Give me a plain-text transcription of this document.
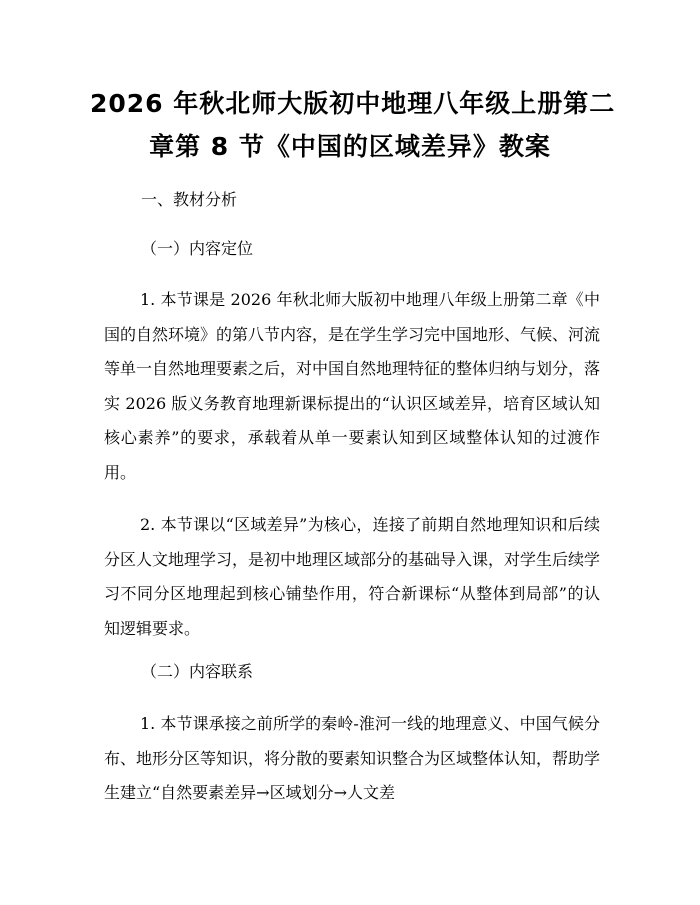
2026 年秋北师大版初中地理八年级上册第二
章第 8 节《中国的区域差异》教案
一、教材分析
（一）内容定位

1. 本节课是 2026 年秋北师大版初中地理八年级上册第二章《中国的自然环境》的第八节内容，是在学生学习完中国地形、气候、河流等单一自然地理要素之后，对中国自然地理特征的整体归纳与划分，落实 2026 版义务教育地理新课标提出的“认识区域差异，培育区域认知核心素养”的要求，承载着从单一要素认知到区域整体认知的过渡作用。

2. 本节课以“区域差异”为核心，连接了前期自然地理知识和后续分区人文地理学习，是初中地理区域部分的基础导入课，对学生后续学习不同分区地理起到核心铺垫作用，符合新课标“从整体到局部”的认知逻辑要求。

（二）内容联系

1. 本节课承接之前所学的秦岭-淮河一线的地理意义、中国气候分布、地形分区等知识，将分散的要素知识整合为区域整体认知，帮助学生建立“自然要素差异→区域划分→人文差
